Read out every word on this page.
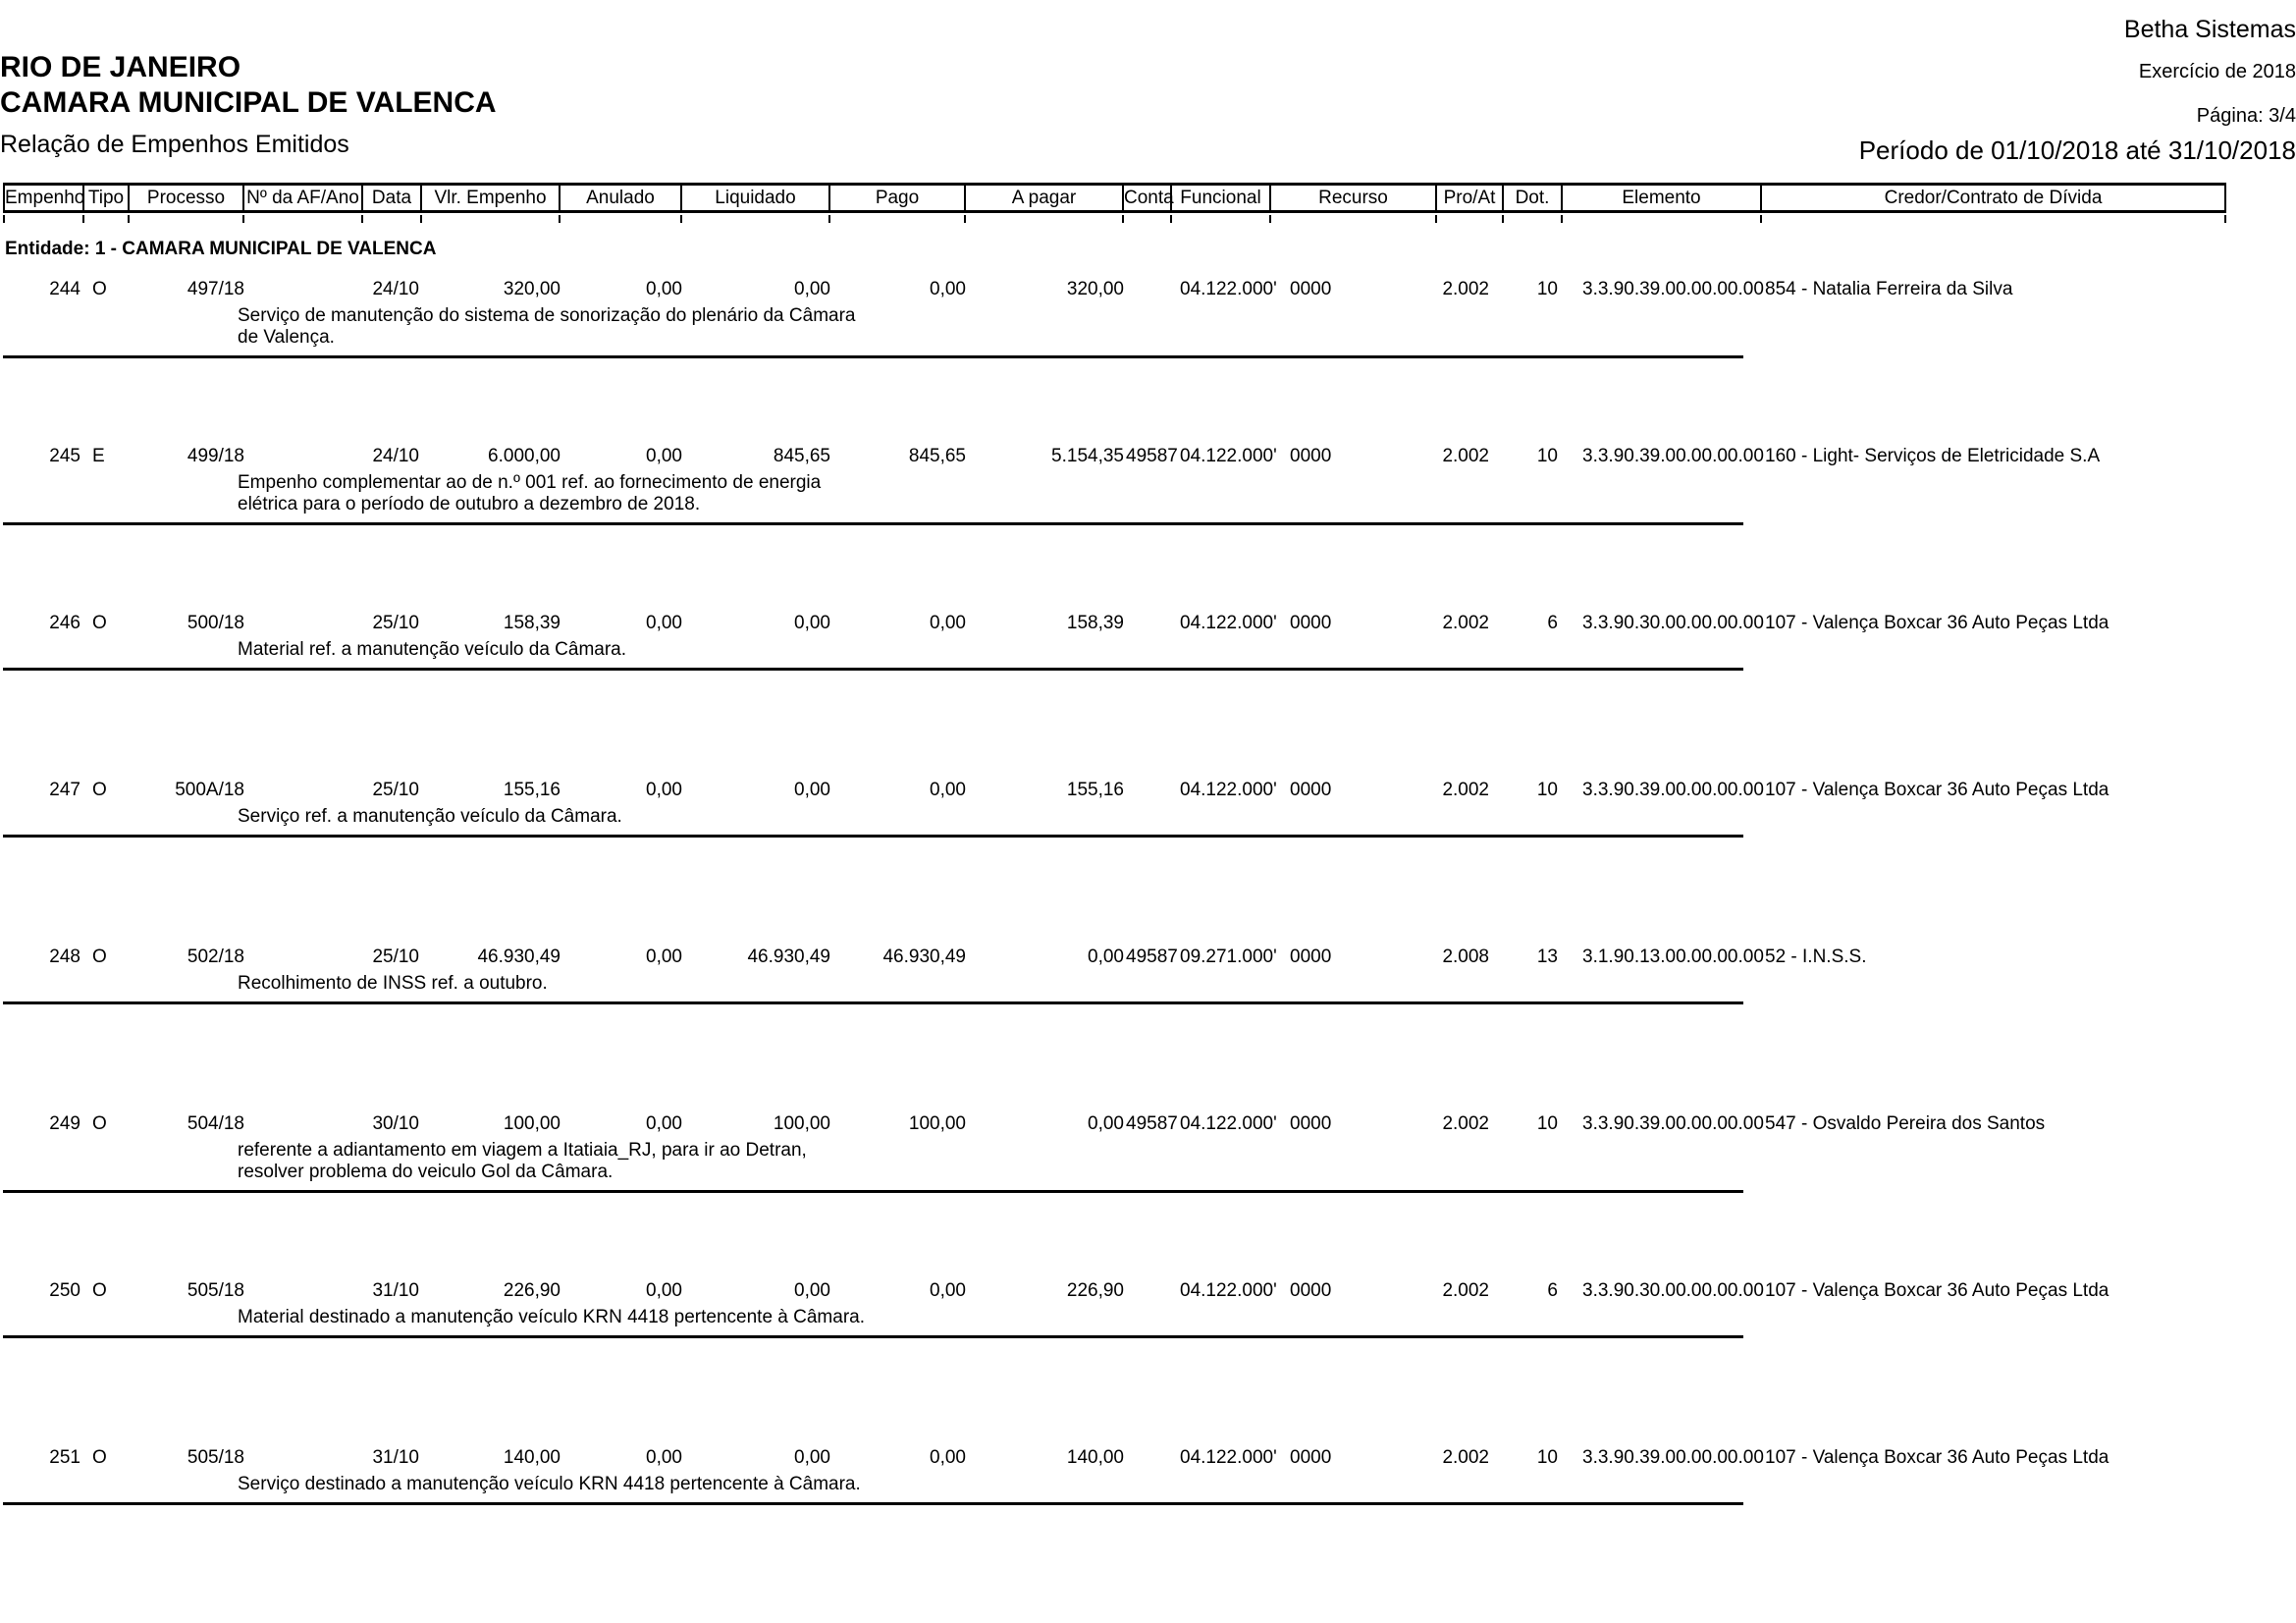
RIO DE JANEIRO
CAMARA MUNICIPAL DE VALENCA
Relação de Empenhos Emitidos
Betha Sistemas
Exercício de 2018
Página: 3/4
Período de 01/10/2018 até 31/10/2018
Empenho Tipo	Processo	Nº da AF/Ano Data	Vlr. Empenho	Anulado	Liquidado	Pago	A pagar	Conta Funcional	Recurso	Pro/At	Dot.	Elemento	Credor/Contrato de Dívida
Entidade: 1 - CAMARA MUNICIPAL DE VALENCA
244 O	497/18	24/10	320,00	0,00	0,00	0,00	320,00	04.122.000' 0000	2.002	10	3.3.90.39.00.00.00.00 854 - Natalia Ferreira da Silva
Serviço de manutenção do sistema de sonorização do plenário da Câmara de Valença.
245 E	499/18	24/10	6.000,00	0,00	845,65	845,65	5.154,35 49587 04.122.000' 0000	2.002	10	3.3.90.39.00.00.00.00 160 - Light- Serviços de Eletricidade S.A
Empenho complementar ao de n.º 001 ref. ao fornecimento de energia elétrica para o período de outubro a dezembro de 2018.
246 O	500/18	25/10	158,39	0,00	0,00	0,00	158,39	04.122.000' 0000	2.002	6	3.3.90.30.00.00.00.00 107 - Valença Boxcar 36 Auto Peças Ltda
Material ref. a manutenção veículo da Câmara.
247 O	500A/18	25/10	155,16	0,00	0,00	0,00	155,16	04.122.000' 0000	2.002	10	3.3.90.39.00.00.00.00 107 - Valença Boxcar 36 Auto Peças Ltda
Serviço ref. a manutenção veículo da Câmara.
248 O	502/18	25/10	46.930,49	0,00	46.930,49	46.930,49	0,00 49587 09.271.000' 0000	2.008	13	3.1.90.13.00.00.00.00 52 - I.N.S.S.
Recolhimento de INSS ref. a outubro.
249 O	504/18	30/10	100,00	0,00	100,00	100,00	0,00 49587 04.122.000' 0000	2.002	10	3.3.90.39.00.00.00.00 547 - Osvaldo Pereira dos Santos
referente a adiantamento em viagem a Itatiaia_RJ, para ir ao Detran, resolver problema do veiculo Gol da Câmara.
250 O	505/18	31/10	226,90	0,00	0,00	0,00	226,90	04.122.000' 0000	2.002	6	3.3.90.30.00.00.00.00 107 - Valença Boxcar 36 Auto Peças Ltda
Material destinado a manutenção veículo KRN 4418 pertencente à Câmara.
251 O	505/18	31/10	140,00	0,00	0,00	0,00	140,00	04.122.000' 0000	2.002	10	3.3.90.39.00.00.00.00 107 - Valença Boxcar 36 Auto Peças Ltda
Serviço destinado a manutenção veículo KRN 4418 pertencente à Câmara.
